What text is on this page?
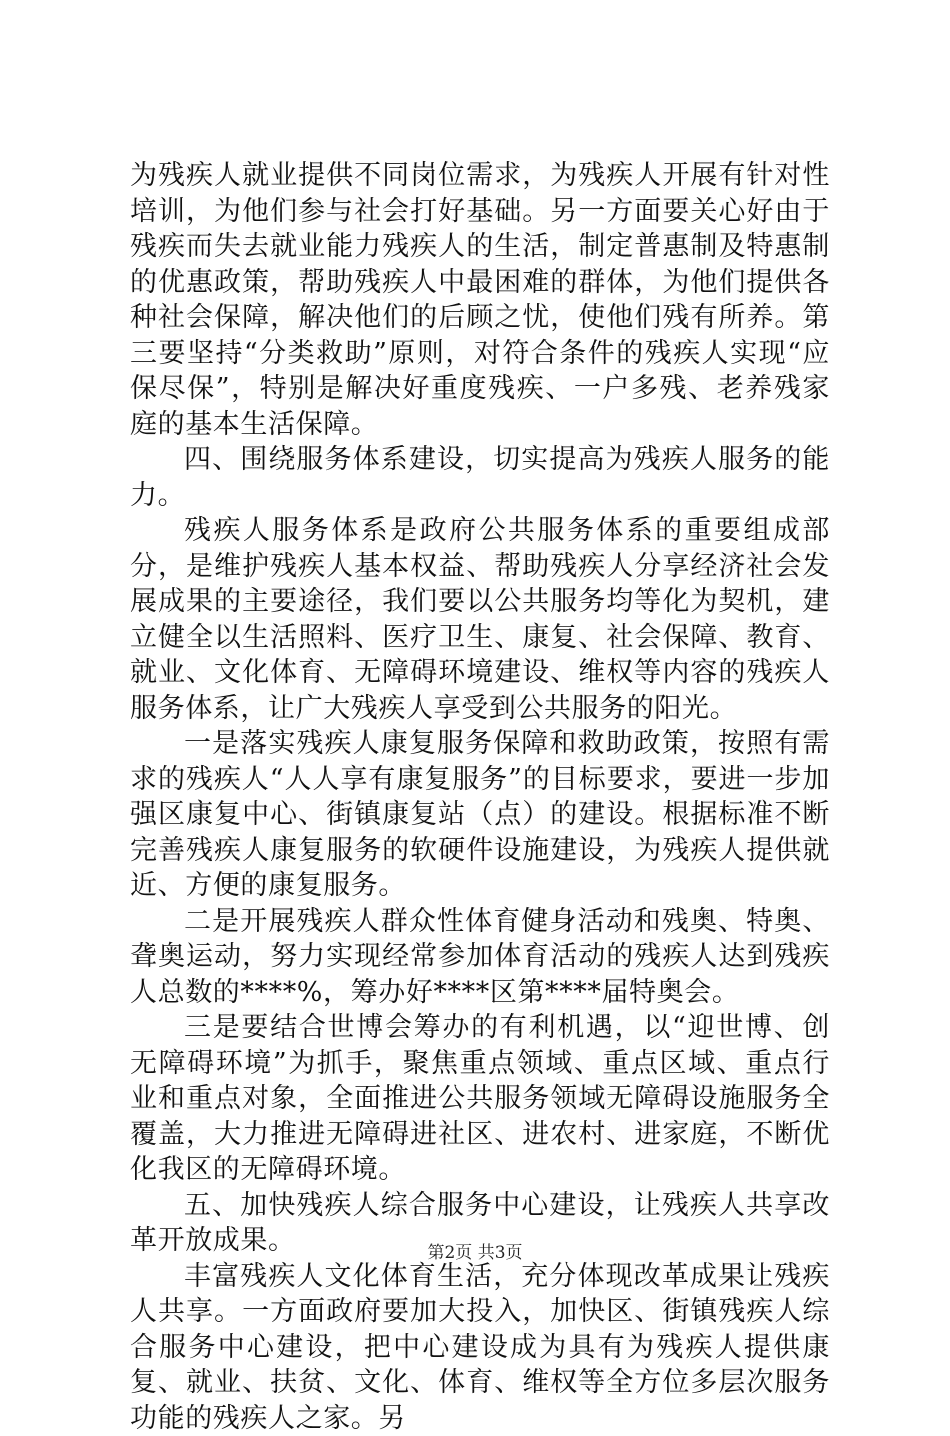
为残疾人就业提供不同岗位需求，为残疾人开展有针对性培训，为他们参与社会打好基础。另一方面要关心好由于残疾而失去就业能力残疾人的生活，制定普惠制及特惠制的优惠政策，帮助残疾人中最困难的群体，为他们提供各种社会保障，解决他们的后顾之忧，使他们残有所养。第三要坚持“分类救助”原则，对符合条件的残疾人实现“应保尽保”，特别是解决好重度残疾、一户多残、老养残家庭的基本生活保障。

四、围绕服务体系建设，切实提高为残疾人服务的能力。

残疾人服务体系是政府公共服务体系的重要组成部分，是维护残疾人基本权益、帮助残疾人分享经济社会发展成果的主要途径，我们要以公共服务均等化为契机，建立健全以生活照料、医疗卫生、康复、社会保障、教育、就业、文化体育、无障碍环境建设、维权等内容的残疾人服务体系，让广大残疾人享受到公共服务的阳光。

一是落实残疾人康复服务保障和救助政策，按照有需求的残疾人“人人享有康复服务”的目标要求，要进一步加强区康复中心、街镇康复站（点）的建设。根据标准不断完善残疾人康复服务的软硬件设施建设，为残疾人提供就近、方便的康复服务。

二是开展残疾人群众性体育健身活动和残奥、特奥、聋奥运动，努力实现经常参加体育活动的残疾人达到残疾人总数的****%，筹办好****区第****届特奥会。

三是要结合世博会筹办的有利机遇，以“迎世博、创无障碍环境”为抓手，聚焦重点领域、重点区域、重点行业和重点对象，全面推进公共服务领域无障碍设施服务全覆盖，大力推进无障碍进社区、进农村、进家庭，不断优化我区的无障碍环境。

五、加快残疾人综合服务中心建设，让残疾人共享改革开放成果。

丰富残疾人文化体育生活，充分体现改革成果让残疾人共享。一方面政府要加大投入，加快区、街镇残疾人综合服务中心建设，把中心建设成为具有为残疾人提供康复、就业、扶贫、文化、体育、维权等全方位多层次服务功能的残疾人之家。另

第2页 共3页
